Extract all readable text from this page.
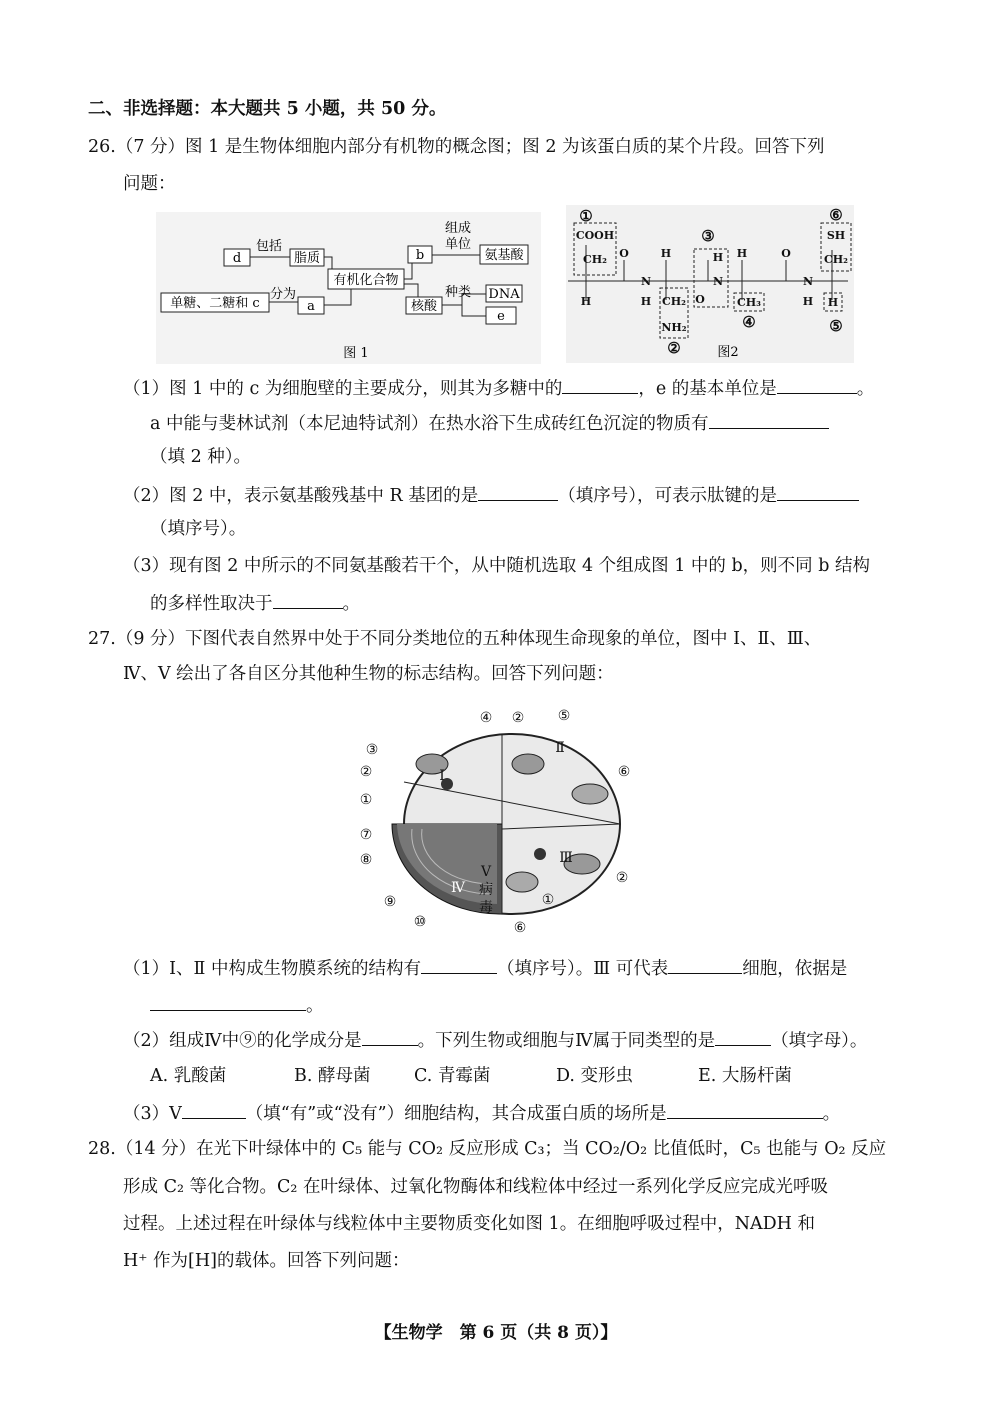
二、非选择题：本大题共 5 小题，共 50 分。
26.（7 分）图 1 是生物体细胞内部分有机物的概念图；图 2 为该蛋白质的某个片段。回答下列
问题：
d
包括
脂质
有机化合物
b
组成
单位
氨基酸
单糖、二糖和 c
分为
a	核酸
种类 DNA
e
图 1
①
COOH
CH₂
H
O
N
H
H
CH₂
NH₂
②
③
H
N
O
H
CH₃
④
O
N
H H
⑤
⑥
SH
CH₂
图2
（1）图 1 中的 c 为细胞壁的主要成分，则其为多糖中的	，e 的基本单位是	。
a 中能与斐林试剂（本尼迪特试剂）在热水浴下生成砖红色沉淀的物质有
（填 2 种）。
（2）图 2 中，表示氨基酸残基中 R 基团的是	（填序号），可表示肽键的是
（填序号）。
（3）现有图 2 中所示的不同氨基酸若干个，从中随机选取 4 个组成图 1 中的 b，则不同 b 结构
的多样性取决于	。
27.（9 分）下图代表自然界中处于不同分类地位的五种体现生命现象的单位，图中 Ⅰ、Ⅱ、Ⅲ、
Ⅳ、Ⅴ 绘出了各自区分其他种生物的标志结构。回答下列问题：
④ ② ⑤
③
②
①
⑥
⑦
⑧
②
⑨
⑩	⑥
①
Ⅰ
Ⅱ
Ⅲ
Ⅳ
Ⅴ
病
毒
（1）Ⅰ、Ⅱ 中构成生物膜系统的结构有	（填序号）。Ⅲ 可代表	细胞，依据是
。
（2）组成Ⅳ中⑨的化学成分是	。下列生物或细胞与Ⅳ属于同类型的是	（填字母）。
A. 乳酸菌	B. 酵母菌 C. 青霉菌	D. 变形虫	E. 大肠杆菌
（3）Ⅴ	（填“有”或“没有”）细胞结构，其合成蛋白质的场所是	。
28.（14 分）在光下叶绿体中的 C₅ 能与 CO₂ 反应形成 C₃；当 CO₂/O₂ 比值低时，C₅ 也能与 O₂ 反应
形成 C₂ 等化合物。C₂ 在叶绿体、过氧化物酶体和线粒体中经过一系列化学反应完成光呼吸
过程。上述过程在叶绿体与线粒体中主要物质变化如图 1。在细胞呼吸过程中，NADH 和
H⁺ 作为[H]的载体。回答下列问题：
【生物学　第 6 页（共 8 页）】
